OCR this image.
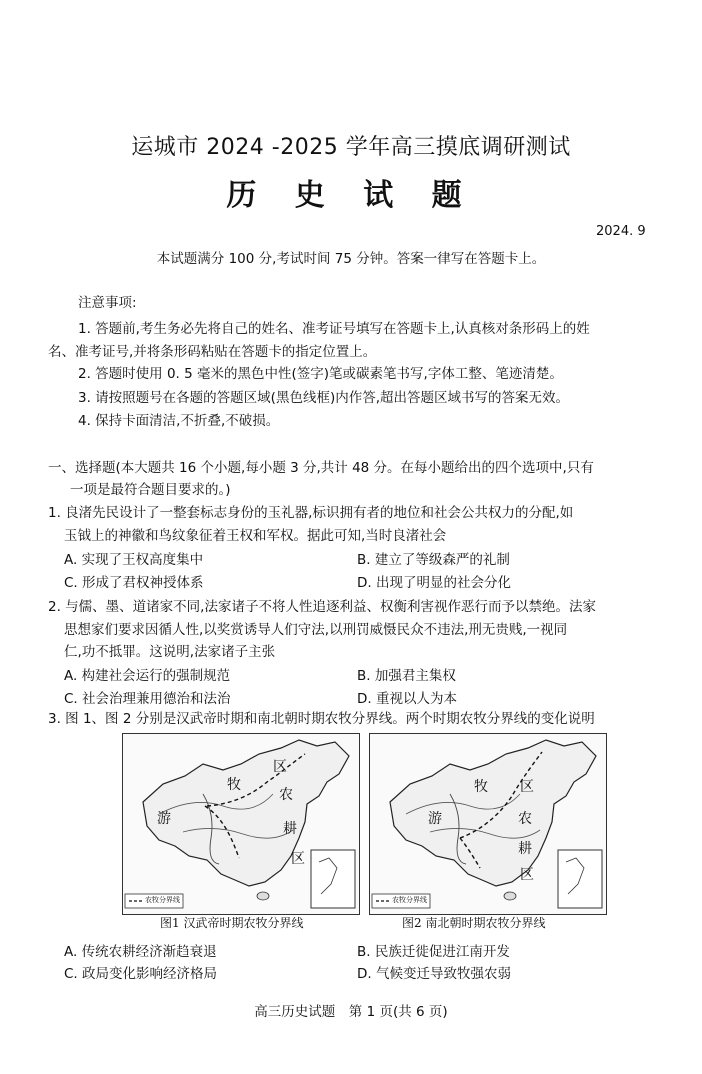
运城市 2024 -2025 学年高三摸底调研测试
历 史 试 题
2024. 9
本试题满分 100 分,考试时间 75 分钟。答案一律写在答题卡上。
注意事项:
1. 答题前,考生务必先将自己的姓名、准考证号填写在答题卡上,认真核对条形码上的姓
名、准考证号,并将条形码粘贴在答题卡的指定位置上。
2. 答题时使用 0. 5 毫米的黑色中性(签字)笔或碳素笔书写,字体工整、笔迹清楚。
3. 请按照题号在各题的答题区域(黑色线框)内作答,超出答题区域书写的答案无效。
4. 保持卡面清洁,不折叠,不破损。
一、选择题(本大题共 16 个小题,每小题 3 分,共计 48 分。在每小题给出的四个选项中,只有
一项是最符合题目要求的。)
1. 良渚先民设计了一整套标志身份的玉礼器,标识拥有者的地位和社会公共权力的分配,如
玉钺上的神徽和鸟纹象征着王权和军权。据此可知,当时良渚社会
A. 实现了王权高度集中	B. 建立了等级森严的礼制
C. 形成了君权神授体系	D. 出现了明显的社会分化
2. 与儒、墨、道诸家不同,法家诸子不将人性追逐利益、权衡利害视作恶行而予以禁绝。法家
思想家们要求因循人性,以奖赏诱导人们守法,以刑罚威慑民众不违法,刑无贵贱,一视同
仁,功不抵罪。这说明,法家诸子主张
A. 构建社会运行的强制规范	B. 加强君主集权
C. 社会治理兼用德治和法治	D. 重视以人为本
3. 图 1、图 2 分别是汉武帝时期和南北朝时期农牧分界线。两个时期农牧分界线的变化说明
牧
游
区
农
耕
区
农牧分界线
图1 汉武帝时期农牧分界线
牧
游
区
农
耕
区
农牧分界线
图2 南北朝时期农牧分界线
A. 传统农耕经济渐趋衰退	B. 民族迁徙促进江南开发
C. 政局变化影响经济格局	D. 气候变迁导致牧强农弱
高三历史试题　第 1 页(共 6 页)
